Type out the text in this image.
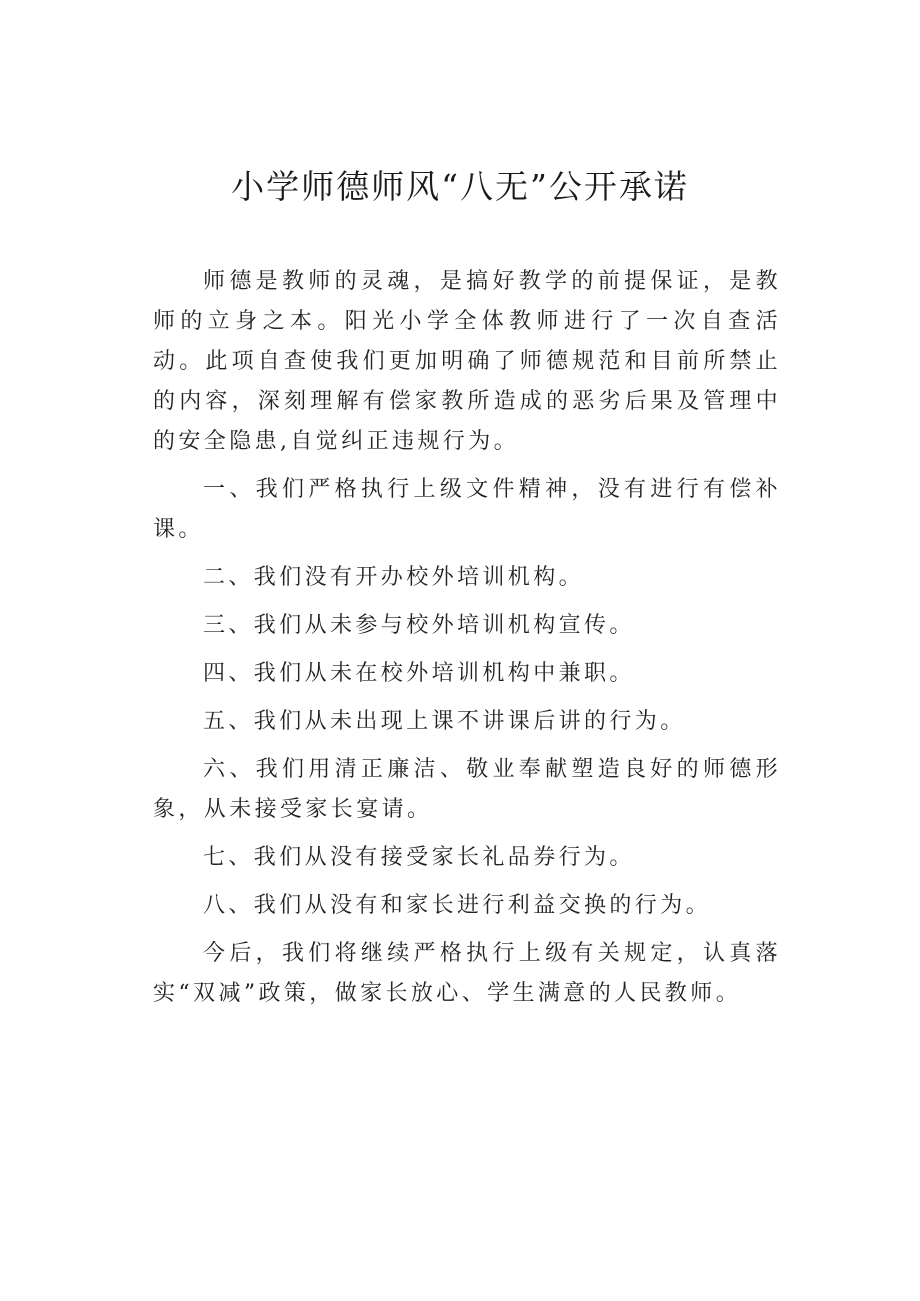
小学师德师风“八无”公开承诺

师德是教师的灵魂，是搞好教学的前提保证，是教师的立身之本。阳光小学全体教师进行了一次自查活动。此项自查使我们更加明确了师德规范和目前所禁止的内容，深刻理解有偿家教所造成的恶劣后果及管理中的安全隐患,自觉纠正违规行为。

一、我们严格执行上级文件精神，没有进行有偿补课。

二、我们没有开办校外培训机构。

三、我们从未参与校外培训机构宣传。

四、我们从未在校外培训机构中兼职。

五、我们从未出现上课不讲课后讲的行为。

六、我们用清正廉洁、敬业奉献塑造良好的师德形象，从未接受家长宴请。

七、我们从没有接受家长礼品券行为。

八、我们从没有和家长进行利益交换的行为。

今后，我们将继续严格执行上级有关规定，认真落实“双减”政策，做家长放心、学生满意的人民教师。
